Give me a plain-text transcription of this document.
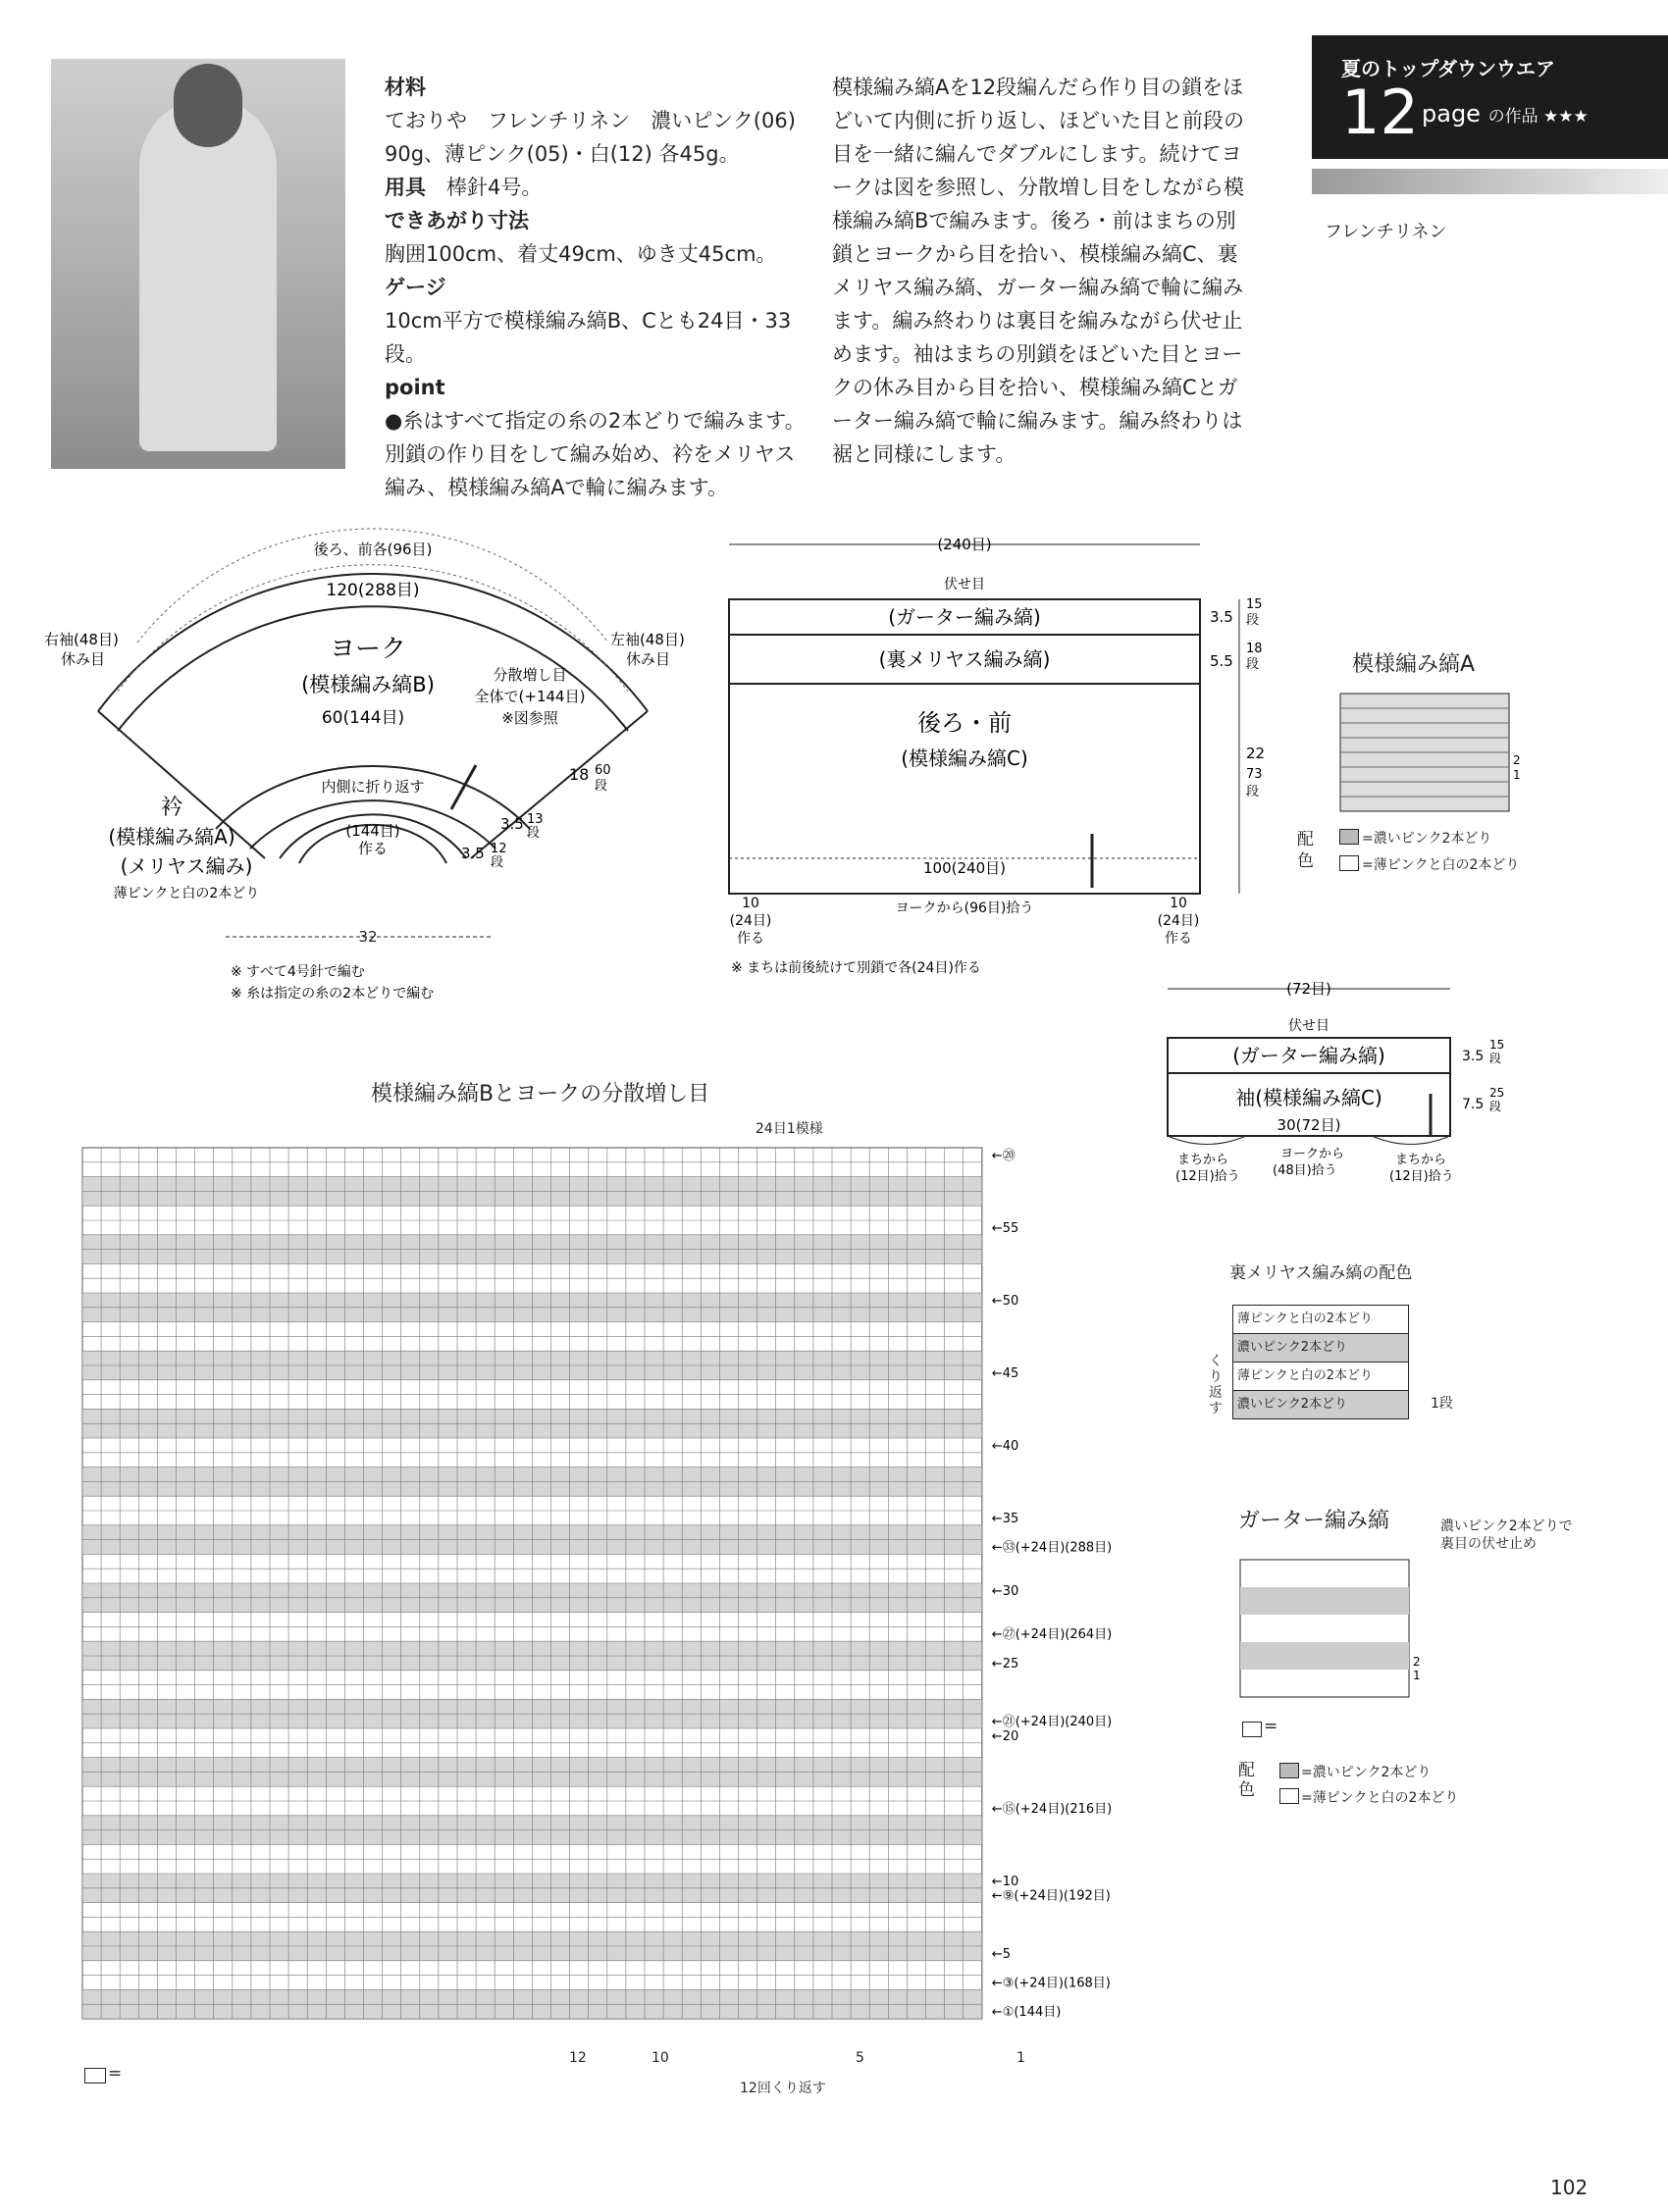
材料

ておりや　フレンチリネン　濃いピンク(06) 90g、薄ピンク(05)・白(12) 各45g。

用具　 棒針4号。

できあがり寸法

胸囲100cm、着丈49cm、ゆき丈45cm。

ゲージ

10cm平方で模様編み縞B、Cとも24目・33段。

point

●糸はすべて指定の糸の2本どりで編みます。別鎖の作り目をして編み始め、衿をメリヤス編み、模様編み縞Aで輪に編みます。

模様編み縞Aを12段編んだら作り目の鎖をほどいて内側に折り返し、ほどいた目と前段の目を一緒に編んでダブルにします。続けてヨークは図を参照し、分散増し目をしながら模様編み縞Bで編みます。後ろ・前はまちの別鎖とヨークから目を拾い、模様編み縞C、裏メリヤス編み縞、ガーター編み縞で輪に編みます。編み終わりは裏目を編みながら伏せ止めます。袖はまちの別鎖をほどいた目とヨークの休み目から目を拾い、模様編み縞Cとガーター編み縞で輪に編みます。編み終わりは裾と同様にします。
夏のトップダウンウエア
12 page の作品 ★★★
フレンチリネン
後ろ、前各(96目)
120(288目)
ヨーク
(模様編み縞B)	分散増し目
全体で(+144目)
※図参照
右袖(48目)
休み目
左袖(48目)
休み目
60(144目)
内側に折り返す
(144目)
作る
衿
(模様編み縞A)
(メリヤス編み)
薄ピンクと白の2本どり
18 60
段
3.5 13
段
3.5 12
段
32
※ すべて4号針で編む
※ 糸は指定の糸の2本どりで編む
(240目)
伏せ目
(ガーター編み縞)
(裏メリヤス編み縞)
後ろ・前
(模様編み縞C)
100(240目)
ヨークから(96目)拾う
10
(24目)
作る
10
(24目)
作る
3.5
15
段
5.5
18
段
22
73
段
※ まちは前後続けて別鎖で各(24目)作る
模様編み縞A
2
1
配色
=濃いピンク2本どり
=薄ピンクと白の2本どり
(72目)
伏せ目
(ガーター編み縞)
袖(模様編み縞C)
30(72目)
まちから
(12目)拾う
ヨークから
(48目)拾う
まちから
(12目)拾う
3.5
15
段
7.5
25
段
裏メリヤス編み縞の配色
薄ピンクと白の2本どり
濃いピンク2本どり
薄ピンクと白の2本どり
濃いピンク2本どり
くり返す	1段
ガーター編み縞	濃いピンク2本どりで
裏目の伏せ止め
2
1
=
配色
=濃いピンク2本どり
=薄ピンクと白の2本どり
模様編み縞Bとヨークの分散増し目
24目1模様
←⑳
←55
←50
←45
←40
←35
←㉝(+24目)(288目)
←30
←㉗(+24目)(264目)
←25
←㉑(+24目)(240目)
←20
←⑮(+24目)(216目)
←10
←⑨(+24目)(192目)
←5
←③(+24目)(168目)
←①(144目)
12	10	5	1
12回くり返す
=
102
